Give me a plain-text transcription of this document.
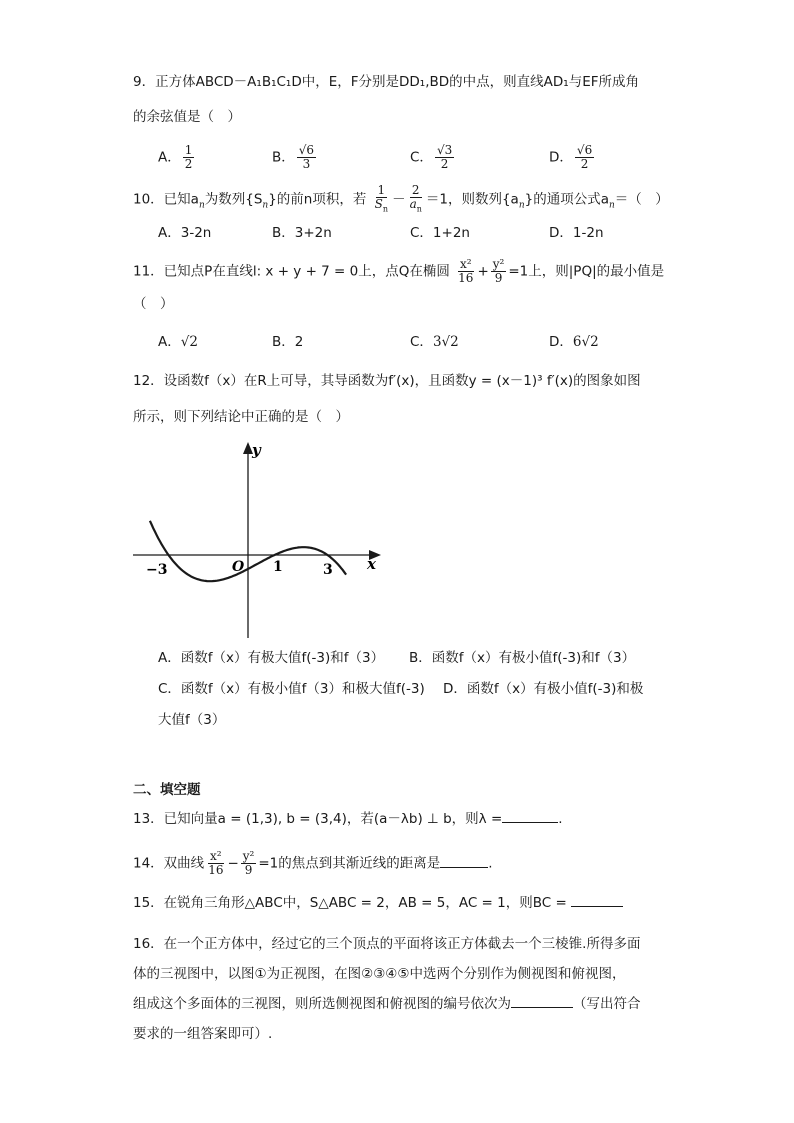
9．正方体ABCD－A₁B₁C₁D中，E，F分别是DD₁,BD的中点，则直线AD₁与EF所成角
的余弦值是（　）
A． $\frac{1}{2}$	B． $\frac{√6}{3}$	C． $\frac{√3}{2}$	D． $\frac{√6}{2}$
10．已知$a_n$为数列$\{S_n\}$的前n项积，若 $\frac{1}{S_n} - \frac{2}{a_n} =1$，则数列$\{a_n\}$的通项公式$a_n=$（　）
A．3-2n	B．3+2n	C．1+2n	D．1-2n
11．已知点P在直线l: x + y + 7 = 0上，点Q在椭圆 $\frac{\text{x²}}{16} + \frac{\text{y²}}{9} =1$上，则|PQ|的最小值是
（　）
A．√2	B．2	C．3√2	D．6√2
12．设函数f（x）在R上可导，其导函数为f′(x)，且函数y = (x－1)³ f′(x)的图象如图
所示，则下列结论中正确的是（　）
y
x
O
−3	1	3
A．函数f（x）有极大值f(-3)和f（3） B．函数f（x）有极小值f(-3)和f（3）
C．函数f（x）有极小值f（3）和极大值f(-3) D．函数f（x）有极小值f(-3)和极
大值f（3）
二、填空题
13．已知向量a = (1,3), b = (3,4)，若(a－λb) ⊥ b，则λ =	.
14．双曲线 $\frac{\text{x²}}{16} - \frac{\text{y²}}{9} =1$的焦点到其渐近线的距离是	.
15．在锐角三角形△ABC中，S△ABC = 2，AB = 5，AC = 1，则BC =
16．在一个正方体中，经过它的三个顶点的平面将该正方体截去一个三棱锥.所得多面
体的三视图中，以图①为正视图，在图②③④⑤中选两个分别作为侧视图和俯视图，
组成这个多面体的三视图，则所选侧视图和俯视图的编号依次为	（写出符合
要求的一组答案即可）.
